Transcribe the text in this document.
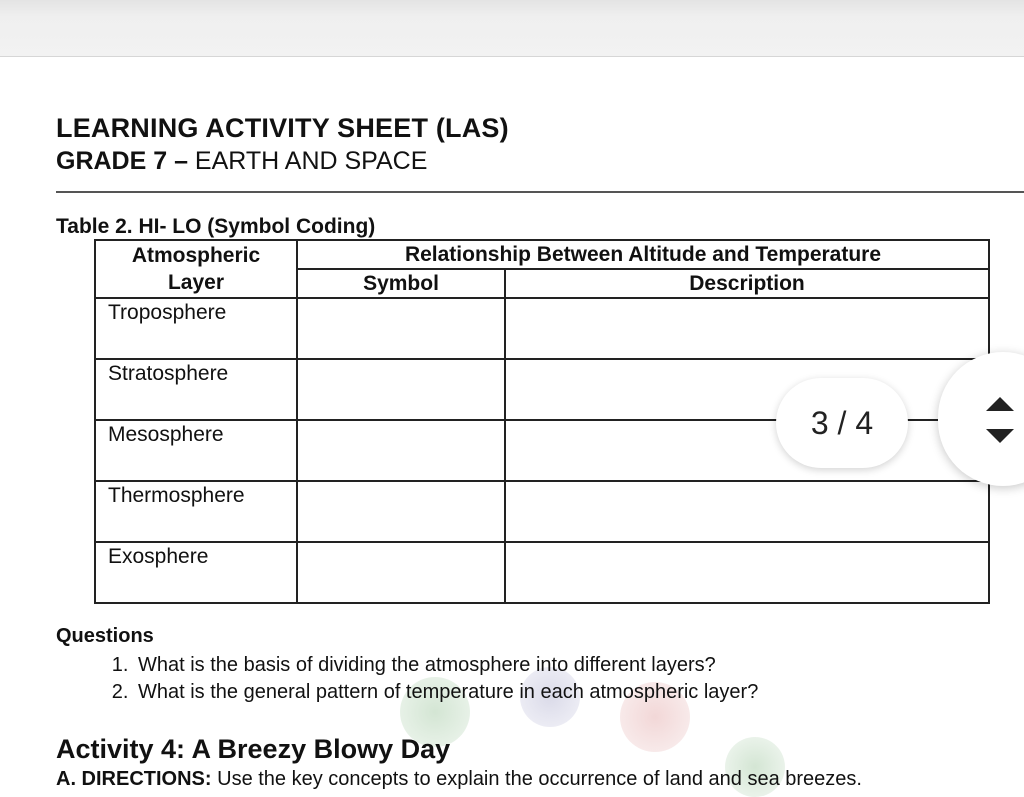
LEARNING ACTIVITY SHEET (LAS)
GRADE 7 – EARTH AND SPACE
Table 2. HI- LO (Symbol Coding)
Atmospheric Layer	Relationship Between Altitude and Temperature	
	Symbol	Description
Troposphere		
Stratosphere		
Mesosphere		
Thermosphere		
Exosphere		
Questions
1. What is the basis of dividing the atmosphere into different layers?
2. What is the general pattern of temperature in each atmospheric layer?
Activity 4: A Breezy Blowy Day
A. DIRECTIONS: Use the key concepts to explain the occurrence of land and sea breezes.
3 / 4
